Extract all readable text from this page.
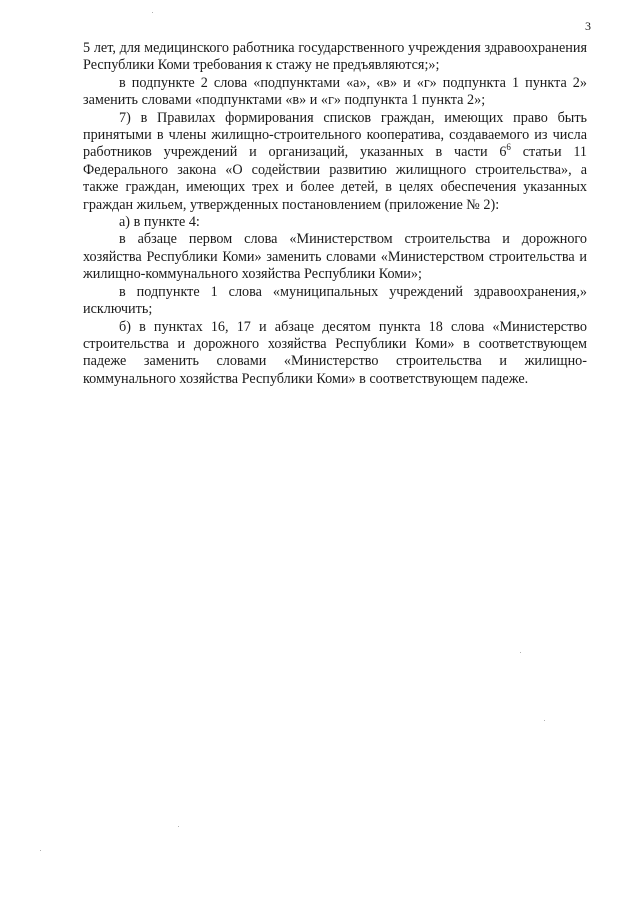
3

5 лет, для медицинского работника государственного учреждения здравоохранения Республики Коми требования к стажу не предъявляются;»;

в подпункте 2 слова «подпунктами «а», «в» и «г» подпункта 1 пункта 2» заменить словами «подпунктами «в» и «г» подпункта 1 пункта 2»;

7) в Правилах формирования списков граждан, имеющих право быть принятыми в члены жилищно-строительного кооператива, создаваемого из числа работников учреждений и организаций, указанных в части $6^6$ статьи 11 Федерального закона «О содействии развитию жилищного строительства», а также граждан, имеющих трех и более детей, в целях обеспечения указанных граждан жильем, утвержденных постановлением (приложение № 2):

а) в пункте 4:

в абзаце первом слова «Министерством строительства и дорожного хозяйства Республики Коми» заменить словами «Министерством строительства и жилищно-коммунального хозяйства Республики Коми»;

в подпункте 1 слова «муниципальных учреждений здравоохранения,» исключить;

б) в пунктах 16, 17 и абзаце десятом пункта 18 слова «Министерство строительства и дорожного хозяйства Республики Коми» в соответствующем падеже заменить словами «Министерство строительства и жилищно-коммунального хозяйства Республики Коми» в соответствующем падеже.
